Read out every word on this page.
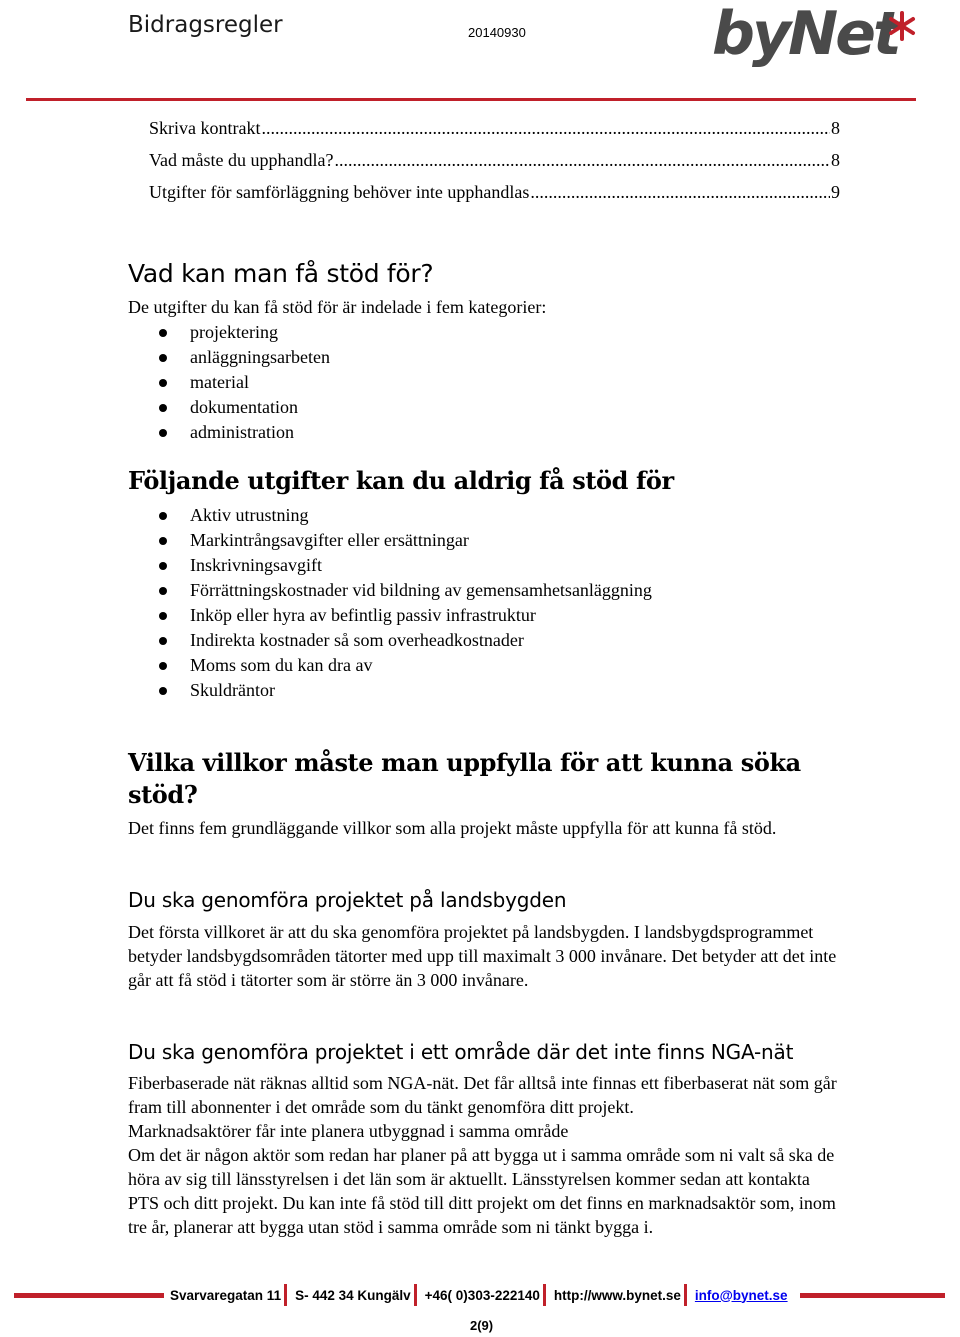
Bidragsregler	20140930	byNet
Skriva kontrakt .....	8
Vad måste du upphandla? .....	8
Utgifter för samförläggning behöver inte upphandlas .....	9
Vad kan man få stöd för?

De utgifter du kan få stöd för är indelade i fem kategorier:

projektering
anläggningsarbeten
material
dokumentation
administration
Följande utgifter kan du aldrig få stöd för
Aktiv utrustning
Markintrångsavgifter eller ersättningar
Inskrivningsavgift
Förrättningskostnader vid bildning av gemensamhetsanläggning
Inköp eller hyra av befintlig passiv infrastruktur
Indirekta kostnader så som overheadkostnader
Moms som du kan dra av
Skuldräntor
Vilka villkor måste man uppfylla för att kunna söka stöd?

Det finns fem grundläggande villkor som alla projekt måste uppfylla för att kunna få stöd.

Du ska genomföra projektet på landsbygden

Det första villkoret är att du ska genomföra projektet på landsbygden. I landsbygdsprogrammet betyder landsbygdsområden tätorter med upp till maximalt 3 000 invånare. Det betyder att det inte går att få stöd i tätorter som är större än 3 000 invånare.

Du ska genomföra projektet i ett område där det inte finns NGA-nät

Fiberbaserade nät räknas alltid som NGA-nät. Det får alltså inte finnas ett fiberbaserat nät som går fram till abonnenter i det område som du tänkt genomföra ditt projekt.

Marknadsaktörer får inte planera utbyggnad i samma område

Om det är någon aktör som redan har planer på att bygga ut i samma område som ni valt så ska de höra av sig till länsstyrelsen i det län som är aktuellt. Länsstyrelsen kommer sedan att kontakta PTS och ditt projekt. Du kan inte få stöd till ditt projekt om det finns en marknadsaktör som, inom tre år, planerar att bygga utan stöd i samma område som ni tänkt bygga i.

Svarvaregatan 11 S- 442 34 Kungälv +46( 0)303-222140 http://www.bynet.se info@bynet.se
2(9)
